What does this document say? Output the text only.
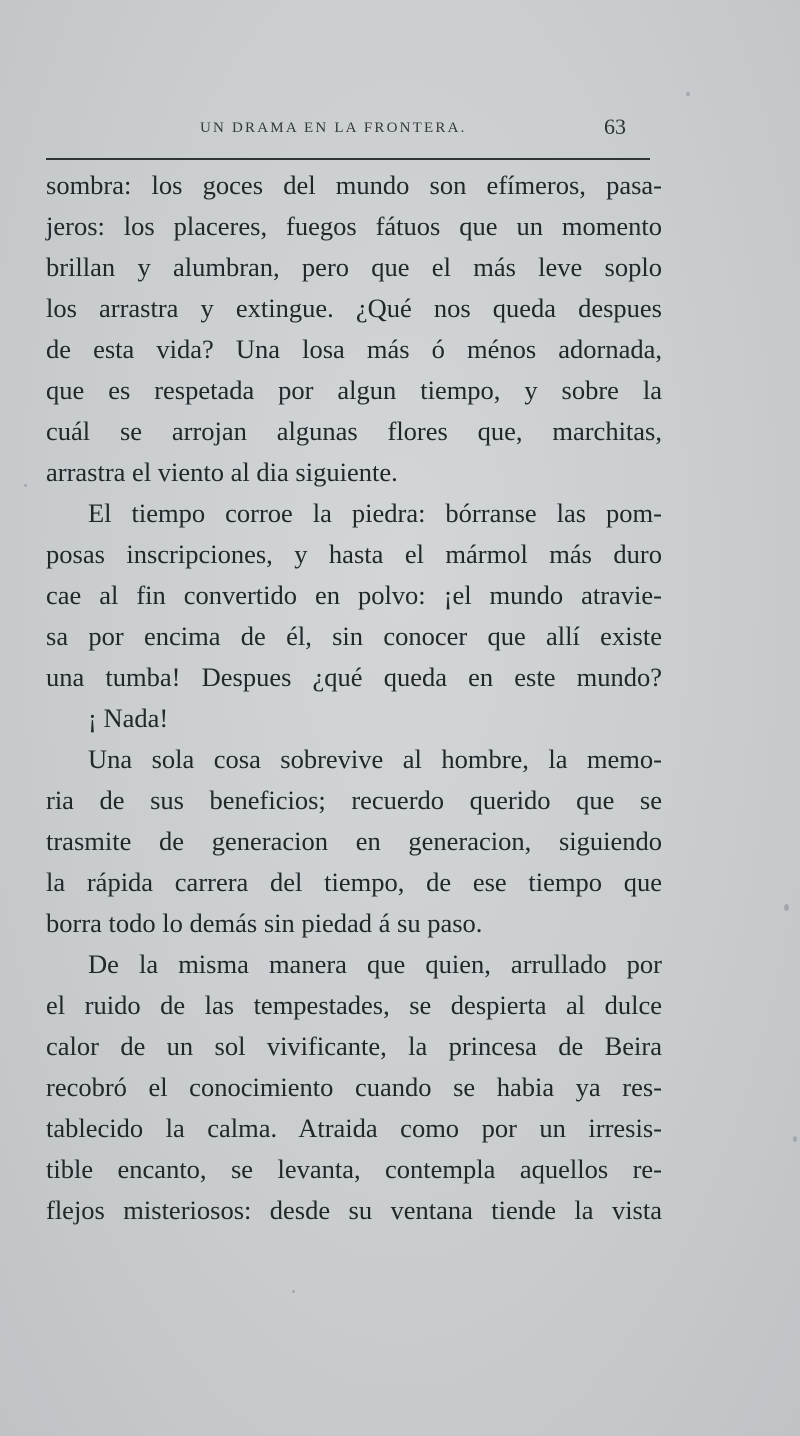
UN DRAMA EN LA FRONTERA.	63
sombra: los goces del mundo son efímeros, pasa-
jeros: los placeres, fuegos fátuos que un momento
brillan y alumbran, pero que el más leve soplo
los arrastra y extingue. ¿Qué nos queda despues
de esta vida? Una losa más ó ménos adornada,
que es respetada por algun tiempo, y sobre la
cuál se arrojan algunas flores que, marchitas,
arrastra el viento al dia siguiente.
El tiempo corroe la piedra: bórranse las pom-
posas inscripciones, y hasta el mármol más duro
cae al fin convertido en polvo: ¡el mundo atravie-
sa por encima de él, sin conocer que allí existe
una tumba! Despues ¿qué queda en este mundo?
¡ Nada!
Una sola cosa sobrevive al hombre, la memo-
ria de sus beneficios; recuerdo querido que se
trasmite de generacion en generacion, siguiendo
la rápida carrera del tiempo, de ese tiempo que
borra todo lo demás sin piedad á su paso.
De la misma manera que quien, arrullado por
el ruido de las tempestades, se despierta al dulce
calor de un sol vivificante, la princesa de Beira
recobró el conocimiento cuando se habia ya res-
tablecido la calma. Atraida como por un irresis-
tible encanto, se levanta, contempla aquellos re-
flejos misteriosos: desde su ventana tiende la vista
